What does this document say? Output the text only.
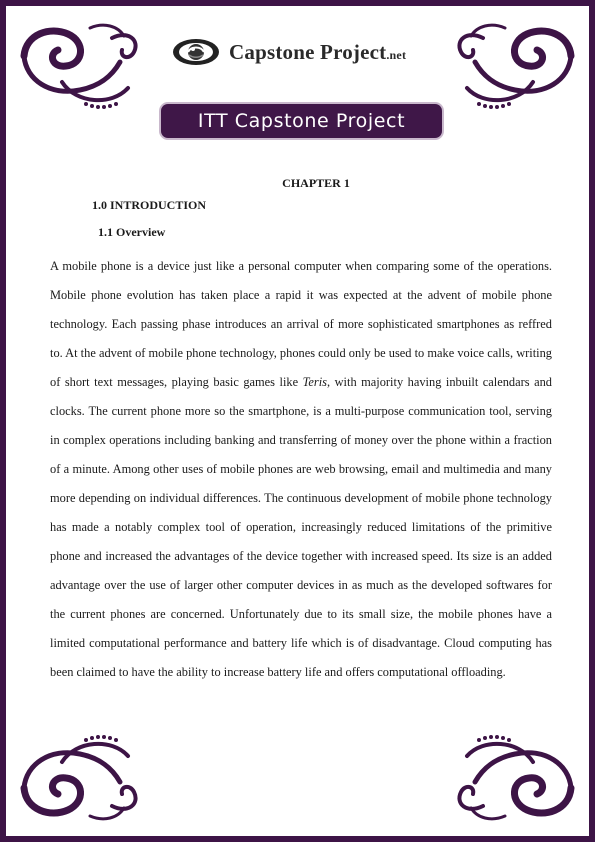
Capstone Project.net
ITT Capstone Project
CHAPTER 1
1.0 INTRODUCTION
1.1 Overview

A mobile phone is a device just like a personal computer when comparing some of the operations. Mobile phone evolution has taken place a rapid it was expected at the advent of mobile phone technology. Each passing phase introduces an arrival of more sophisticated smartphones as reffred to. At the advent of mobile phone technology, phones could only be used to make voice calls, writing of short text messages, playing basic games like Teris, with majority having inbuilt calendars and clocks. The current phone more so the smartphone, is a multi-purpose communication tool, serving in complex operations including banking and transferring of money over the phone within a fraction of a minute. Among other uses of mobile phones are web browsing, email and multimedia and many more depending on individual differences. The continuous development of mobile phone technology has made a notably complex tool of operation, increasingly reduced limitations of the primitive phone and increased the advantages of the device together with increased speed. Its size is an added advantage over the use of larger other computer devices in as much as the developed softwares for the current phones are concerned. Unfortunately due to its small size, the mobile phones have a limited computational performance and battery life which is of disadvantage. Cloud computing has been claimed to have the ability to increase battery life and offers computational offloading.
